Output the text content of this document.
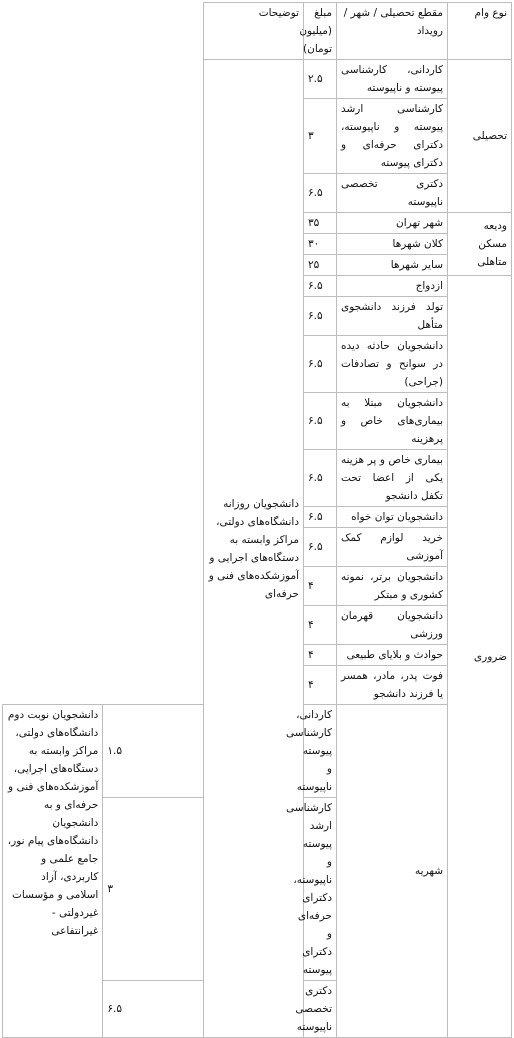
نوع وام	مقطع تحصیلی / شهر / رویداد	مبلغ (میلیون تومان)	توضیحات		
تحصیلی	کاردانی، کارشناسی پیوسته و ناپیوسته	۲.۵	دانشجویان روزانه دانشگاه‌های دولتی، مراکز وابسته به دستگاه‌های اجرایی و آموزشکده‌های فنی و حرفه‌ای		
	کارشناسی ارشد پیوسته و ناپیوسته، دکترای حرفه‌ای و دکترای پیوسته	۳			
	دکتری تخصصی ناپیوسته	۶.۵			
ودیعه مسکن متاهلی	شهر تهران	۳۵			
	کلان شهرها	۳۰			
	سایر شهرها	۲۵			
ضروری	ازدواج	۶.۵			
	تولد فرزند دانشجوی متأهل	۶.۵			
	دانشجویان حادثه دیده در سوانح و تصادفات (جراحی)	۶.۵			
	دانشجویان مبتلا به بیماری‌های خاص و پرهزینه	۶.۵			
	بیماری خاص و پر هزینه یکی از اعضا تحت تکفل دانشجو	۶.۵			
	دانشجویان توان خواه	۶.۵			
	خرید لوازم کمک آموزشی	۶.۵			
	دانشجویان برتر، نمونه کشوری و مبتکر	۴			
	دانشجویان قهرمان ورزشی	۴			
	حوادث و بلایای طبیعی	۴			
	فوت پدر، مادر، همسر یا فرزند دانشجو	۴			
	شهریه	کاردانی، کارشناسی پیوسته و ناپیوسته		۱.۵	دانشجویان نوبت دوم دانشگاه‌های دولتی، مراکز وابسته به دستگاه‌های اجرایی، آموزشکده‌های فنی و حرفه‌ای و به دانشجویان دانشگاه‌های پیام نور، جامع علمی و کاربردی، آزاد اسلامی و مؤسسات غیردولتی - غیرانتفاعی
		کارشناسی ارشد پیوسته و ناپیوسته، دکترای حرفه‌ای و دکترای پیوسته		۳	
		دکتری تخصصی ناپیوسته		۶.۵	
